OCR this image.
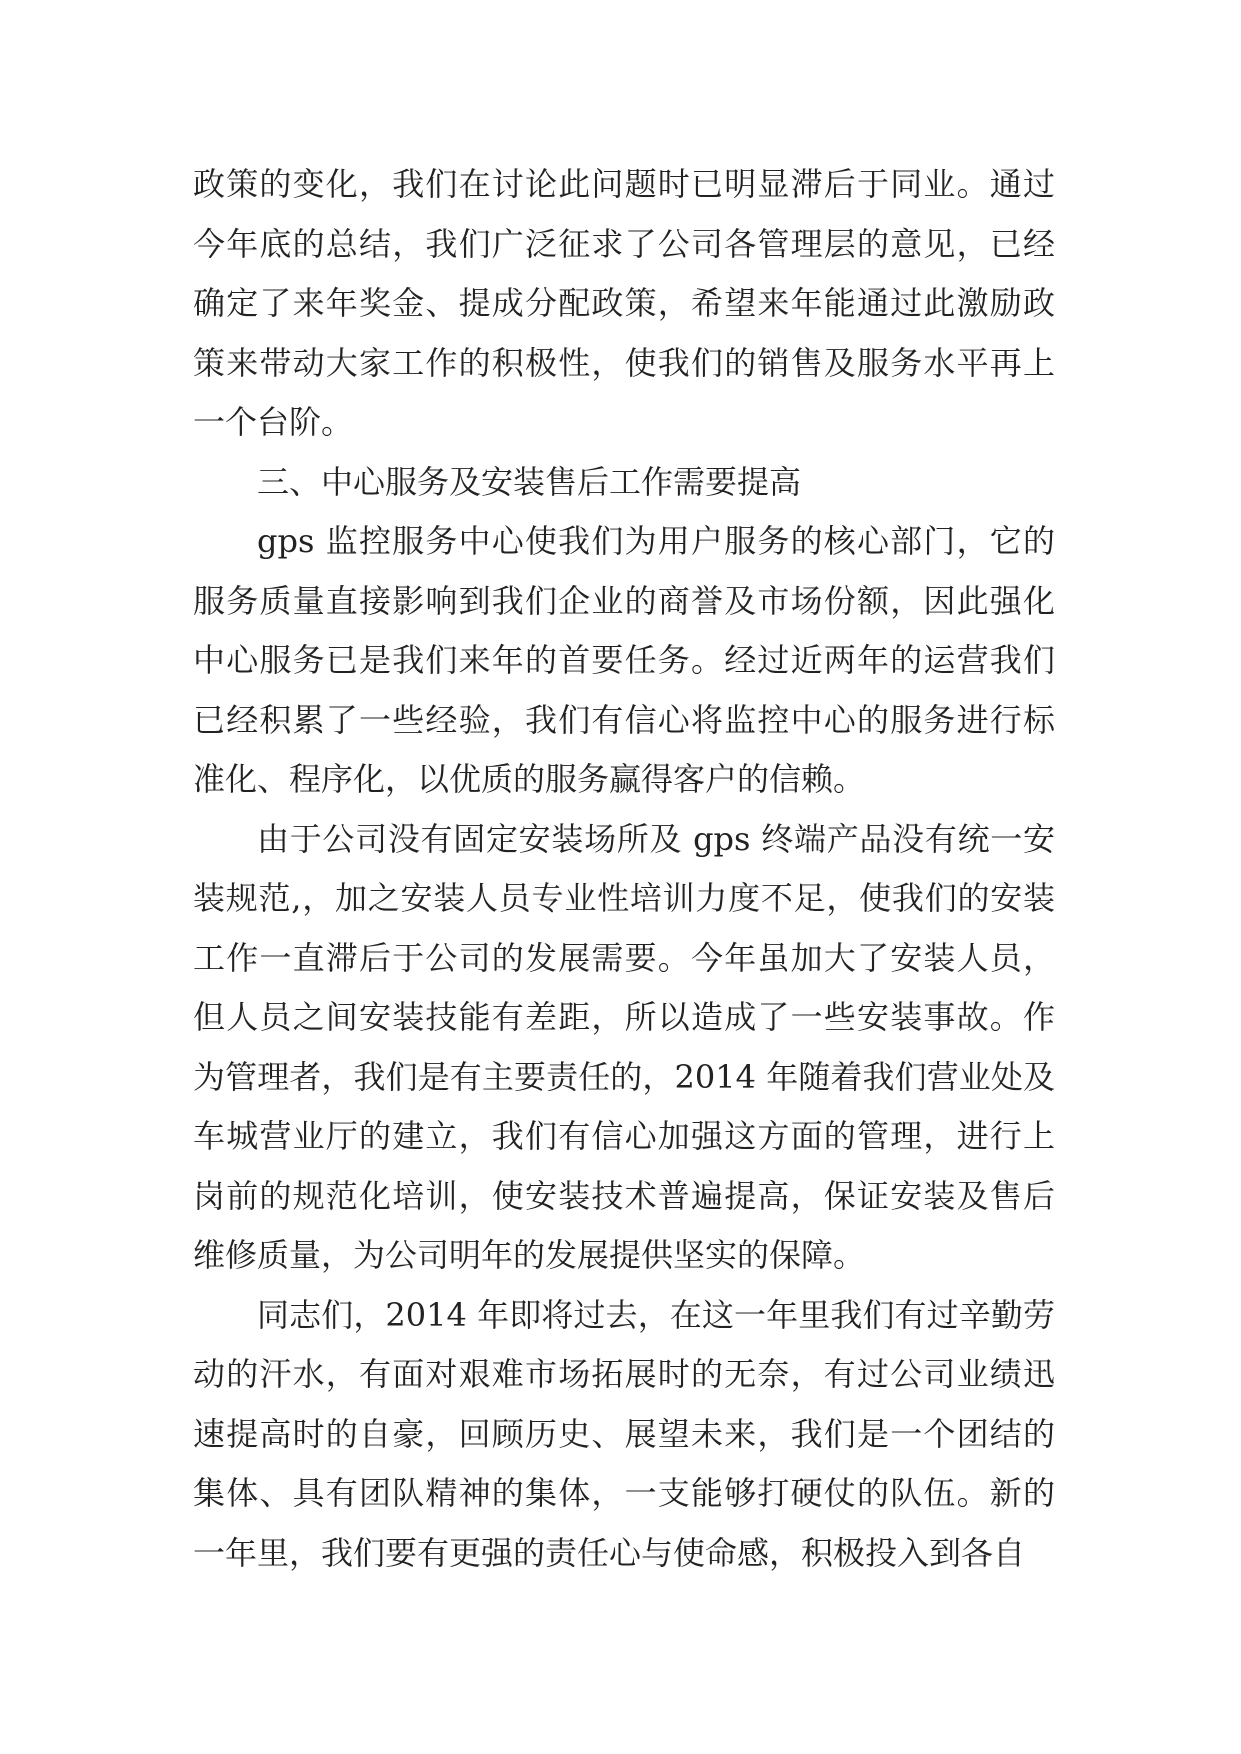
政策的变化，我们在讨论此问题时已明显滞后于同业。通过今年底的总结，我们广泛征求了公司各管理层的意见，已经确定了来年奖金、提成分配政策，希望来年能通过此激励政策来带动大家工作的积极性，使我们的销售及服务水平再上一个台阶。

三、中心服务及安装售后工作需要提高

gps 监控服务中心使我们为用户服务的核心部门，它的服务质量直接影响到我们企业的商誉及市场份额，因此强化中心服务已是我们来年的首要任务。经过近两年的运营我们已经积累了一些经验，我们有信心将监控中心的服务进行标准化、程序化，以优质的服务赢得客户的信赖。

由于公司没有固定安装场所及 gps 终端产品没有统一安装规范,，加之安装人员专业性培训力度不足，使我们的安装工作一直滞后于公司的发展需要。今年虽加大了安装人员，但人员之间安装技能有差距，所以造成了一些安装事故。作为管理者，我们是有主要责任的，2014 年随着我们营业处及车城营业厅的建立，我们有信心加强这方面的管理，进行上岗前的规范化培训，使安装技术普遍提高，保证安装及售后维修质量，为公司明年的发展提供坚实的保障。

同志们，2014 年即将过去，在这一年里我们有过辛勤劳动的汗水，有面对艰难市场拓展时的无奈，有过公司业绩迅速提高时的自豪，回顾历史、展望未来，我们是一个团结的集体、具有团队精神的集体，一支能够打硬仗的队伍。新的一年里，我们要有更强的责任心与使命感，积极投入到各自
